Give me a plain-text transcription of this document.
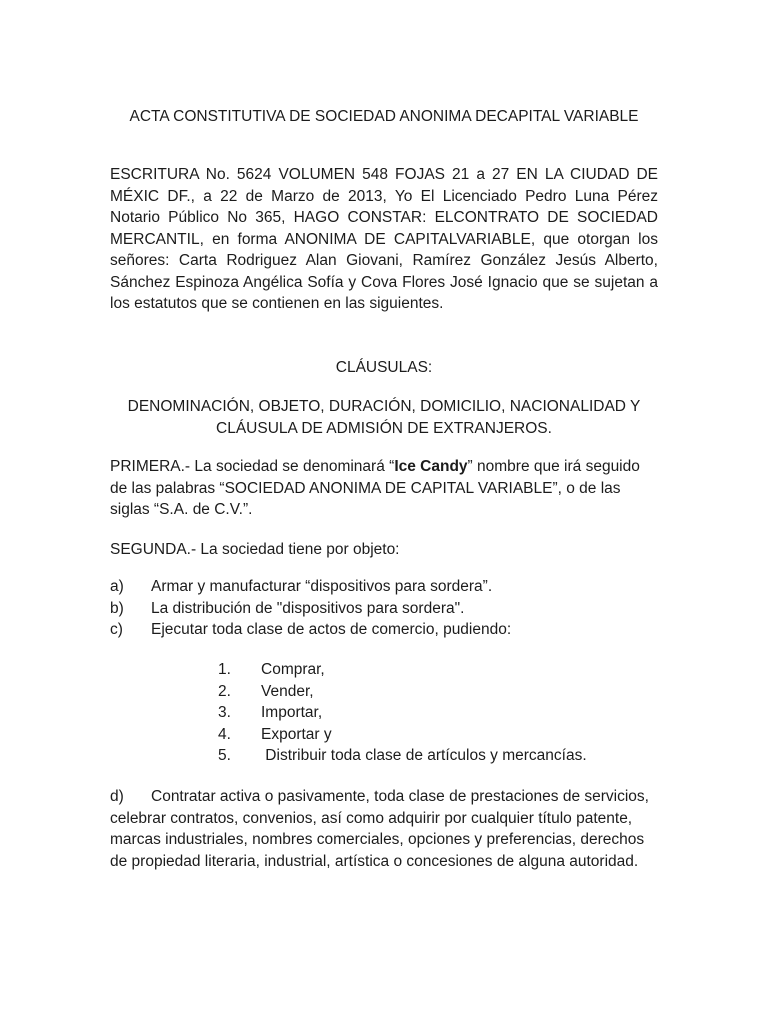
ACTA CONSTITUTIVA DE SOCIEDAD ANONIMA DECAPITAL VARIABLE
ESCRITURA No. 5624 VOLUMEN 548 FOJAS 21 a 27 EN LA CIUDAD DE MÉXIC DF., a 22 de Marzo de 2013, Yo El Licenciado Pedro Luna Pérez Notario Público No 365, HAGO CONSTAR: ELCONTRATO DE SOCIEDAD MERCANTIL, en forma ANONIMA DE CAPITALVARIABLE, que otorgan los señores: Carta Rodriguez Alan Giovani, Ramírez González Jesús Alberto, Sánchez Espinoza Angélica Sofía y Cova Flores José Ignacio que se sujetan a los estatutos que se contienen en las siguientes.
CLÁUSULAS:
DENOMINACIÓN, OBJETO, DURACIÓN, DOMICILIO, NACIONALIDAD Y CLÁUSULA DE ADMISIÓN DE EXTRANJEROS.
PRIMERA.- La sociedad se denominará “Ice Candy” nombre que irá seguido de las palabras “SOCIEDAD ANONIMA DE CAPITAL VARIABLE”, o de las siglas “S.A. de C.V.”.
SEGUNDA.- La sociedad tiene por objeto:
a)	Armar y manufacturar “dispositivos para sordera”.
b)	La distribución de "dispositivos para sordera".
c)	Ejecutar toda clase de actos de comercio, pudiendo:
1.	Comprar,
2.	Vender,
3.	Importar,
4.	Exportar y
5.	Distribuir toda clase de artículos y mercancías.
d) Contratar activa o pasivamente, toda clase de prestaciones de servicios, celebrar contratos, convenios, así como adquirir por cualquier título patente, marcas industriales, nombres comerciales, opciones y preferencias, derechos de propiedad literaria, industrial, artística o concesiones de alguna autoridad.
